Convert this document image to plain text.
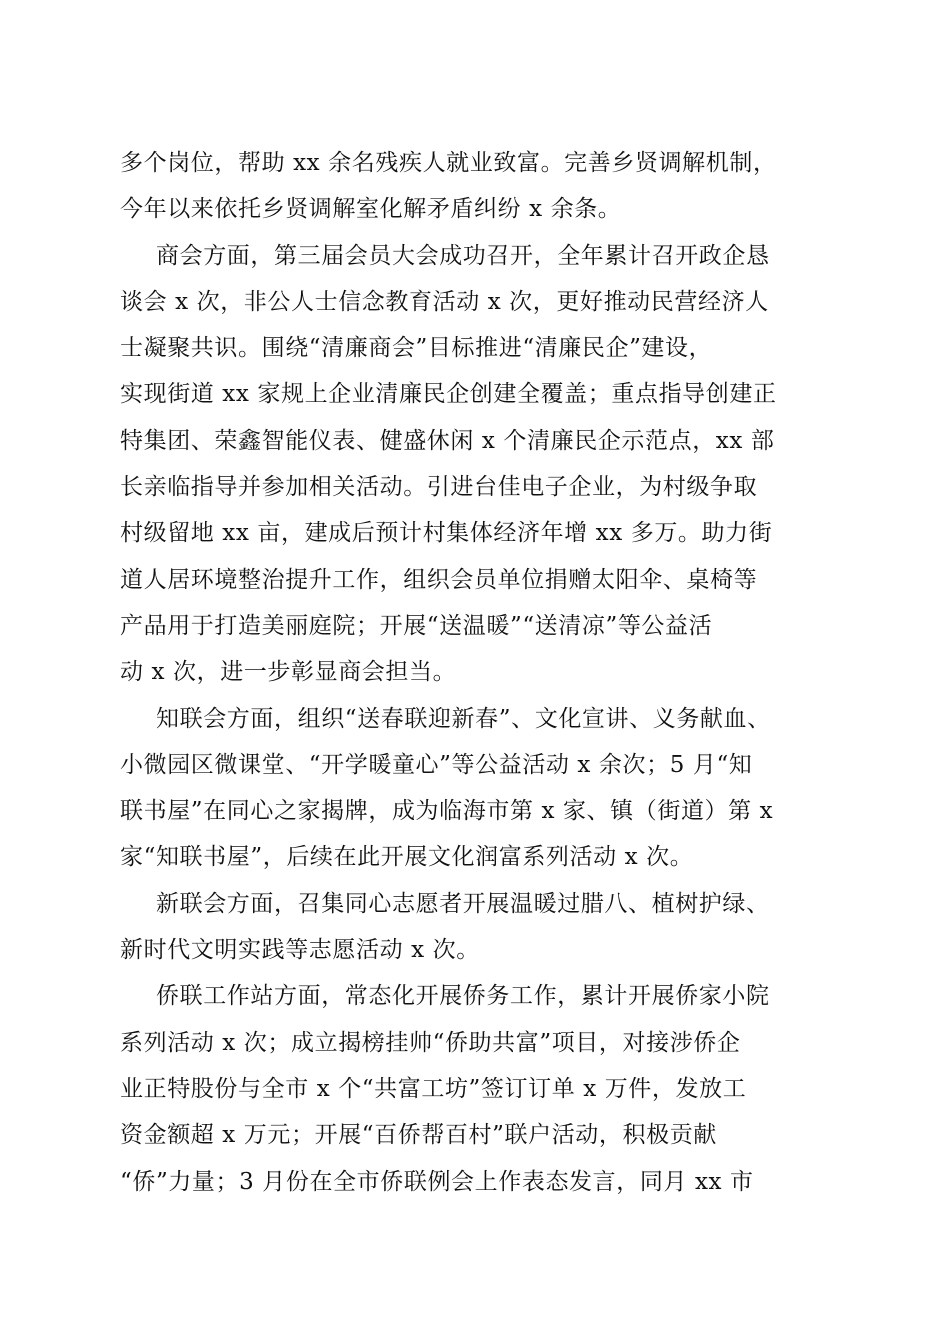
多个岗位，帮助 xx 余名残疾人就业致富。完善乡贤调解机制，
今年以来依托乡贤调解室化解矛盾纠纷 x 余条。
商会方面，第三届会员大会成功召开，全年累计召开政企恳
谈会 x 次，非公人士信念教育活动 x 次，更好推动民营经济人
士凝聚共识。围绕“清廉商会”目标推进“清廉民企”建设，
实现街道 xx 家规上企业清廉民企创建全覆盖；重点指导创建正
特集团、荣鑫智能仪表、健盛休闲 x 个清廉民企示范点，xx 部
长亲临指导并参加相关活动。引进台佳电子企业，为村级争取
村级留地 xx 亩，建成后预计村集体经济年增 xx 多万。助力街
道人居环境整治提升工作，组织会员单位捐赠太阳伞、桌椅等
产品用于打造美丽庭院；开展“送温暖”“送清凉”等公益活
动 x 次，进一步彰显商会担当。
知联会方面，组织“送春联迎新春”、文化宣讲、义务献血、
小微园区微课堂、“开学暖童心”等公益活动 x 余次；5 月“知
联书屋”在同心之家揭牌，成为临海市第 x 家、镇（街道）第 x
家“知联书屋”，后续在此开展文化润富系列活动 x 次。
新联会方面，召集同心志愿者开展温暖过腊八、植树护绿、
新时代文明实践等志愿活动 x 次。
侨联工作站方面，常态化开展侨务工作，累计开展侨家小院
系列活动 x 次；成立揭榜挂帅“侨助共富”项目，对接涉侨企
业正特股份与全市 x 个“共富工坊”签订订单 x 万件，发放工
资金额超 x 万元；开展“百侨帮百村”联户活动，积极贡献
“侨”力量；3 月份在全市侨联例会上作表态发言，同月 xx 市
